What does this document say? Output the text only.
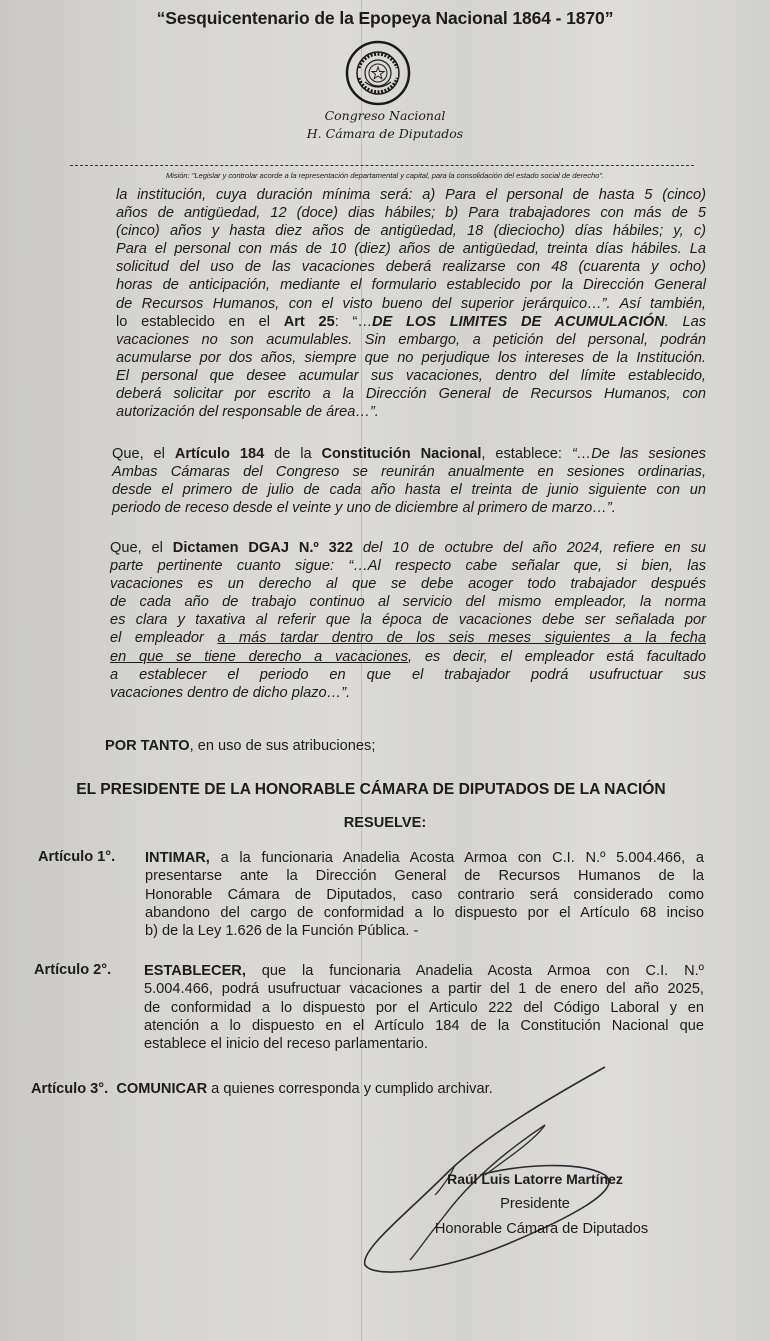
“Sesquicentenario de la Epopeya Nacional 1864 - 1870”
Congreso Nacional
H. Cámara de Diputados
Misión: "Legislar y controlar acorde a la representación departamental y capital, para la consolidación del estado social de derecho".
la institución, cuya duración mínima será: a) Para el personal de hasta 5 (cinco)
años de antigüedad, 12 (doce) dias hábiles; b) Para trabajadores con más de 5
(cinco) años y hasta diez años de antigüedad, 18 (dieciocho) días hábiles; y, c)
Para el personal con más de 10 (diez) años de antigüedad, treinta días hábiles. La
solicitud del uso de las vacaciones deberá realizarse con 48 (cuarenta y ocho)
horas de anticipación, mediante el formulario establecido por la Dirección General
de Recursos Humanos, con el visto bueno del superior jerárquico…”. Así también,
lo establecido en el Art 25: “…DE LOS LIMITES DE ACUMULACIÓN. Las
vacaciones no son acumulables. Sin embargo, a petición del personal, podrán
acumularse por dos años, siempre que no perjudique los intereses de la Institución.
El personal que desee acumular sus vacaciones, dentro del límite establecido,
deberá solicitar por escrito a la Dirección General de Recursos Humanos, con
autorización del responsable de área…”.
Que, el Artículo 184 de la Constitución Nacional, establece: “…De las sesiones
Ambas Cámaras del Congreso se reunirán anualmente en sesiones ordinarias,
desde el primero de julio de cada año hasta el treinta de junio siguiente con un
periodo de receso desde el veinte y uno de diciembre al primero de marzo…”.
Que, el Dictamen DGAJ N.º 322 del 10 de octubre del año 2024, refiere en su
parte pertinente cuanto sigue: “…Al respecto cabe señalar que, si bien, las
vacaciones es un derecho al que se debe acoger todo trabajador después
de cada año de trabajo continuo al servicio del mismo empleador, la norma
es clara y taxativa al referir que la época de vacaciones debe ser señalada por
el empleador a más tardar dentro de los seis meses siguientes a la fecha
en que se tiene derecho a vacaciones, es decir, el empleador está facultado
a establecer el periodo en que el trabajador podrá usufructuar sus
vacaciones dentro de dicho plazo…”.
POR TANTO, en uso de sus atribuciones;
EL PRESIDENTE DE LA HONORABLE CÁMARA DE DIPUTADOS DE LA NACIÓN
RESUELVE:
Artículo 1°. INTIMAR, a la funcionaria Anadelia Acosta Armoa con C.I. N.º 5.004.466, a
presentarse ante la Dirección General de Recursos Humanos de la
Honorable Cámara de Diputados, caso contrario será considerado como
abandono del cargo de conformidad a lo dispuesto por el Artículo 68 inciso
b) de la Ley 1.626 de la Función Pública. -
Artículo 2°. ESTABLECER, que la funcionaria Anadelia Acosta Armoa con C.I. N.º
5.004.466, podrá usufructuar vacaciones a partir del 1 de enero del año 2025,
de conformidad a lo dispuesto por el Articulo 222 del Código Laboral y en
atención a lo dispuesto en el Artículo 184 de la Constitución Nacional que
establece el inicio del receso parlamentario.
Artículo 3°. COMUNICAR a quienes corresponda y cumplido archivar.
Raúl Luis Latorre Martínez
Presidente
Honorable Cámara de Diputados
